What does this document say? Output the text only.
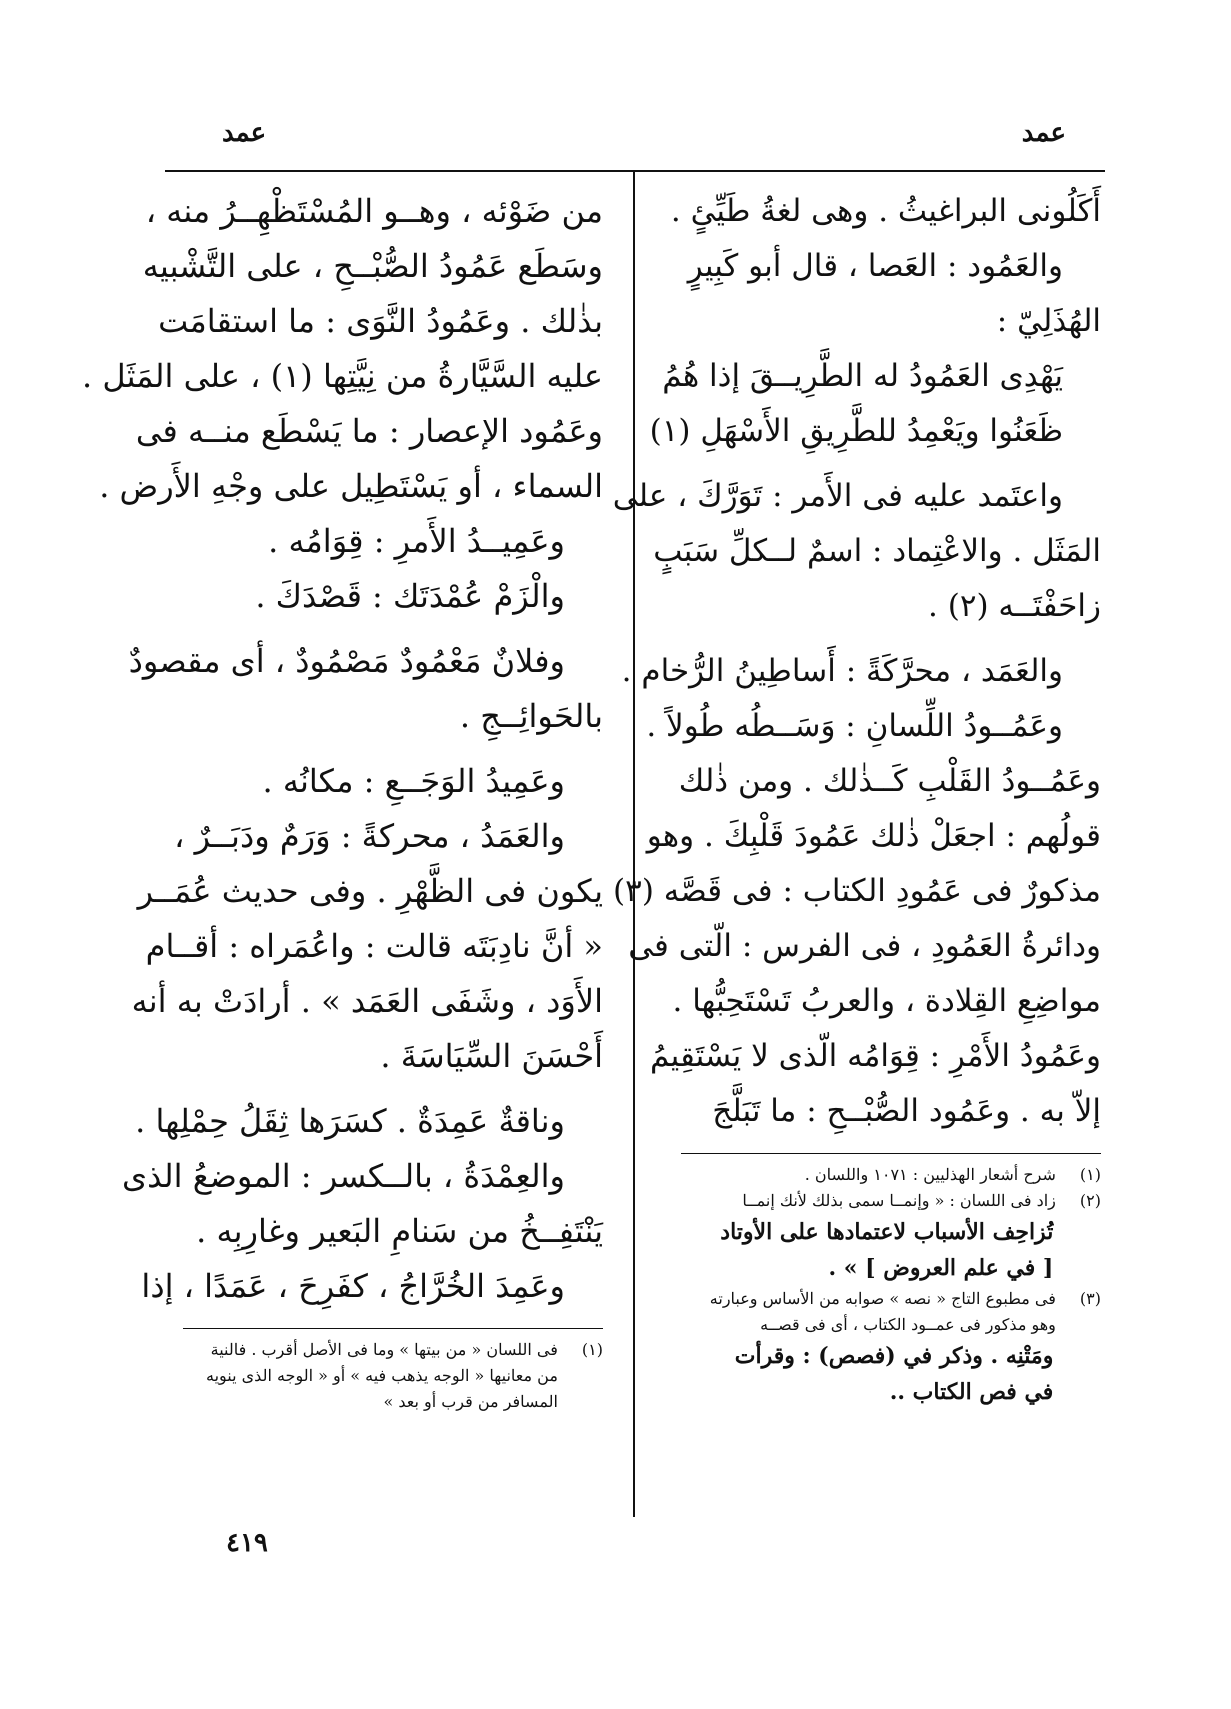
عمد
عمد
أَكَلُونى البراغيثُ . وهى لغةُ طَيِّئٍ .
والعَمُود : العَصا ، قال أبو كَبِيرٍ
الهُذَلِيّ :
يَهْدِى العَمُودُ له الطَّرِيــقَ إذا هُمُ
ظَعَنُوا ويَعْمِدُ للطَّرِيقِ الأَسْهَلِ (١)
واعتَمد عليه فى الأَمر : تَوَرَّكَ ، على
المَثَل . والاعْتِماد : اسمٌ لــكلِّ سَبَبٍ
زاحَفْتَــه (٢) .
والعَمَد ، محرَّكَةً : أَساطِينُ الرُّخام .
وعَمُــودُ اللِّسانِ : وَسَــطُه طُولاً .
وعَمُــودُ القَلْبِ كَــذٰلك . ومن ذٰلك
قولُهم : اجعَلْ ذٰلك عَمُودَ قَلْبِكَ . وهو
مذكورٌ فى عَمُودِ الكتاب : فى قَصَّه (٣)
ودائرةُ العَمُودِ ، فى الفرس : الّتى فى
مواضِعِ القِلادة ، والعربُ تَسْتَحِبُّها .
وعَمُودُ الأَمْرِ : قِوَامُه الّذى لا يَسْتَقِيمُ
إلاّ به . وعَمُود الصُّبْــحِ : ما تَبَلَّجَ
(١) شرح أشعار الهذليين : ١٠٧١ واللسان .
(٢) زاد فى اللسان : « وإنمــا سمى بذلك لأنك إنمــا
تُزاحِف الأسباب لاعتمادها على الأوتاد
[ في علم العروض ] » .
(٣) فى مطبوع التاج « نصه » صوابه من الأساس وعبارته
وهو مذكور فى عمــود الكتاب ، أى فى قصــه
ومَتْنِه . وذكر في (فصص) : وقرأت
في فص الكتاب ..
من ضَوْئه ، وهــو المُسْتَظْهِــرُ منه ،
وسَطَع عَمُودُ الصُّبْــحِ ، على التَّشْبيه
بذٰلك . وعَمُودُ النَّوَى : ما استقامَت
عليه السَّيَّارةُ من نِيَّتِها (١) ، على المَثَل .
وعَمُود الإعصار : ما يَسْطَع منــه فى
السماء ، أو يَسْتَطِيل على وجْهِ الأَرض .
وعَمِيــدُ الأَمرِ : قِوَامُه .
والْزَمْ عُمْدَتَك : قَصْدَكَ .
وفلانٌ مَعْمُودٌ مَصْمُودٌ ، أى مقصودٌ
بالحَوائِــجِ .
وعَمِيدُ الوَجَــعِ : مكانُه .
والعَمَدُ ، محركةً : وَرَمٌ ودَبَــرٌ ،
يكون فى الظَّهْرِ . وفى حديث عُمَــر
« أنَّ نادِبَتَه قالت : واعُمَراه : أقــام
الأَوَد ، وشَفَى العَمَد » . أرادَتْ به أنه
أَحْسَنَ السِّيَاسَةَ .
وناقةٌ عَمِدَةٌ . كسَرَها ثِقَلُ حِمْلِها .
والعِمْدَةُ ، بالــكسر : الموضعُ الذى
يَنْتَفِــخُ من سَنامِ البَعير وغارِبِه .
وعَمِدَ الخُرَّاجُ ، كفَرِحَ ، عَمَدًا ، إذا
(١) فى اللسان « من بيتها » وما فى الأصل أقرب . فالنية
من معانيها « الوجه يذهب فيه » أو « الوجه الذى ينويه
المسافر من قرب أو بعد »
٤١٩
